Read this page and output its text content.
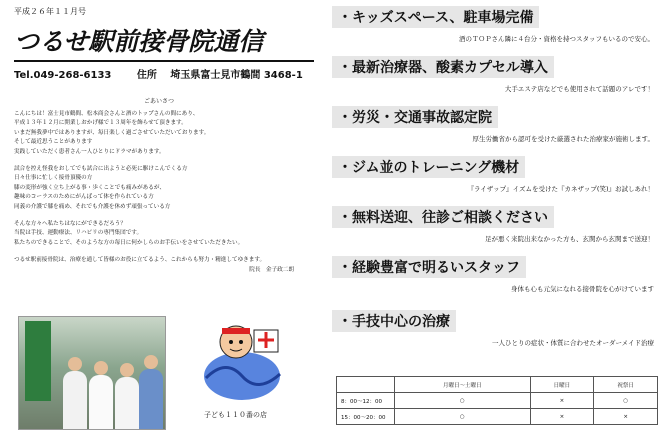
平成２６年１１月号
つるせ駅前接骨院通信
Tel.049-268-6133	住所 埼玉県富士見市鶴間 3468-1
ごあいさつ
こんにちは！富士見市鶴間、松本商会さんと酒のトップさんの間にあり、
平成１３年１２月に開業しおかげ様で１３周年を飾らせて頂きます。
いまだ無我夢中ではありますが、毎日楽しく過ごさせていただいております。
そして最近思うことがあります
実践していただく患者さん一人ひとりにドラマがあります。
試合を控え怪我をおしてでも試合に出ようと必死に駆けこんでくる方
日々仕事に忙しく接骨頂優の方
膝の変形が強く立ち上がる事・歩くことでも痛みがあるが、
趣味のコーラスのためにがんばって体を作られている方
同義の介護で膝を痛め、それでも介護を休めず頑張っている方
そんな方々へ私たちはなにができるだろう？
当院は手技、運動療法、リハビリの専門集団です。
私たちのできることで、そのような方の毎日に何かしらのお手伝いをさせていただきたい。
つるせ駅前接骨院は、治療を通して皆様のお役に立てるよう、これからも努力・精進してゆきます。
院長　金子政二朗
子ども１１０番の店
・キッズスペース、駐車場完備
酒のＴＯＰさん隣に４台分・資格を持つスタッフもいるので安心。
・最新治療器、酸素カプセル導入
大手エステ店などでも使用されて話題のアレです！
・労災・交通事故認定院
厚生労働省から認可を受けた厳選された治療家が施術します。
・ジム並のトレーニング機材
『ライザップ』イズムを受けた『カネザップ(笑)』お試しあれ！
・無料送迎、往診ご相談ください
足が悪く来院出来なかった方も、玄関から玄関まで送迎！
・経験豊富で明るいスタッフ
身体も心も元気になれる接骨院を心がけています
・手技中心の治療
一人ひとりの症状・体質に合わせたオーダーメイド治療
	月曜日～土曜日	日曜日	祝祭日
8：00～12：00	○	×	○
15：00～20：00	○	×	×
